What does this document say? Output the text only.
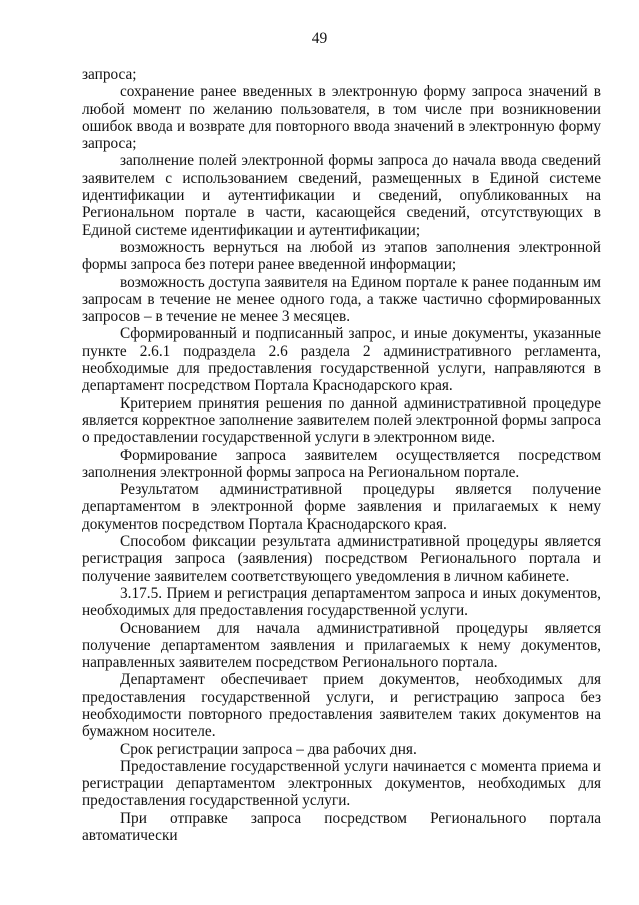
49

запроса;

сохранение ранее введенных в электронную форму запроса значений в любой момент по желанию пользователя, в том числе при возникновении ошибок ввода и возврате для повторного ввода значений в электронную форму запроса;

заполнение полей электронной формы запроса до начала ввода сведений заявителем с использованием сведений, размещенных в Единой системе идентификации и аутентификации и сведений, опубликованных на Региональном портале в части, касающейся сведений, отсутствующих в Единой системе идентификации и аутентификации;

возможность вернуться на любой из этапов заполнения электронной формы запроса без потери ранее введенной информации;

возможность доступа заявителя на Едином портале к ранее поданным им запросам в течение не менее одного года, а также частично сформированных запросов – в течение не менее 3 месяцев.

Сформированный и подписанный запрос, и иные документы, указанные пункте 2.6.1 подраздела 2.6 раздела 2 административного регламента, необходимые для предоставления государственной услуги, направляются в департамент посредством Портала Краснодарского края.

Критерием принятия решения по данной административной процедуре является корректное заполнение заявителем полей электронной формы запроса о предоставлении государственной услуги в электронном виде.

Формирование запроса заявителем осуществляется посредством заполнения электронной формы запроса на Региональном портале.

Результатом административной процедуры является получение департаментом в электронной форме заявления и прилагаемых к нему документов посредством Портала Краснодарского края.

Способом фиксации результата административной процедуры является регистрация запроса (заявления) посредством Регионального портала и получение заявителем соответствующего уведомления в личном кабинете.

3.17.5. Прием и регистрация департаментом запроса и иных документов, необходимых для предоставления государственной услуги.

Основанием для начала административной процедуры является получение департаментом заявления и прилагаемых к нему документов, направленных заявителем посредством Регионального портала.

Департамент обеспечивает прием документов, необходимых для предоставления государственной услуги, и регистрацию запроса без необходимости повторного предоставления заявителем таких документов на бумажном носителе.

Срок регистрации запроса – два рабочих дня.

Предоставление государственной услуги начинается с момента приема и регистрации департаментом электронных документов, необходимых для предоставления государственной услуги.

При отправке запроса посредством Регионального портала автоматически
